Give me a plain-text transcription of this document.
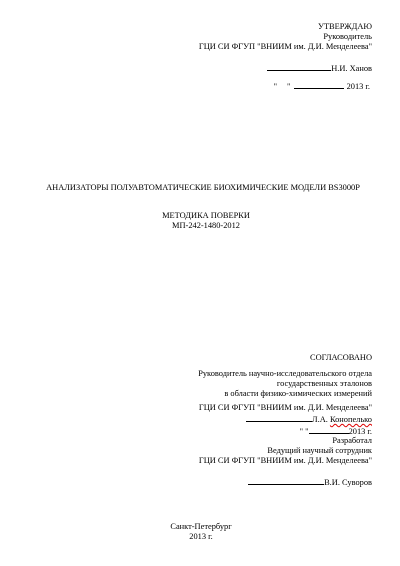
УТВЕРЖДАЮ
Руководитель
ГЦИ СИ ФГУП "ВНИИМ им. Д.И. Менделеева"
Н.И. Ханов
" "	2013 г.
АНАЛИЗАТОРЫ ПОЛУАВТОМАТИЧЕСКИЕ БИОХИМИЧЕСКИЕ МОДЕЛИ BS3000P
МЕТОДИКА ПОВЕРКИ
МП-242-1480-2012
СОГЛАСОВАНО
Руководитель научно-исследовательского отдела
государственных эталонов
в области физико-химических измерений
ГЦИ СИ ФГУП "ВНИИМ им. Д.И. Менделеева"
Л.А. Конопелько
" "	2013 г.
Разработал
Ведущий научный сотрудник
ГЦИ СИ ФГУП "ВНИИМ им. Д.И. Менделеева"
В.И. Суворов
Санкт-Петербург
2013 г.
